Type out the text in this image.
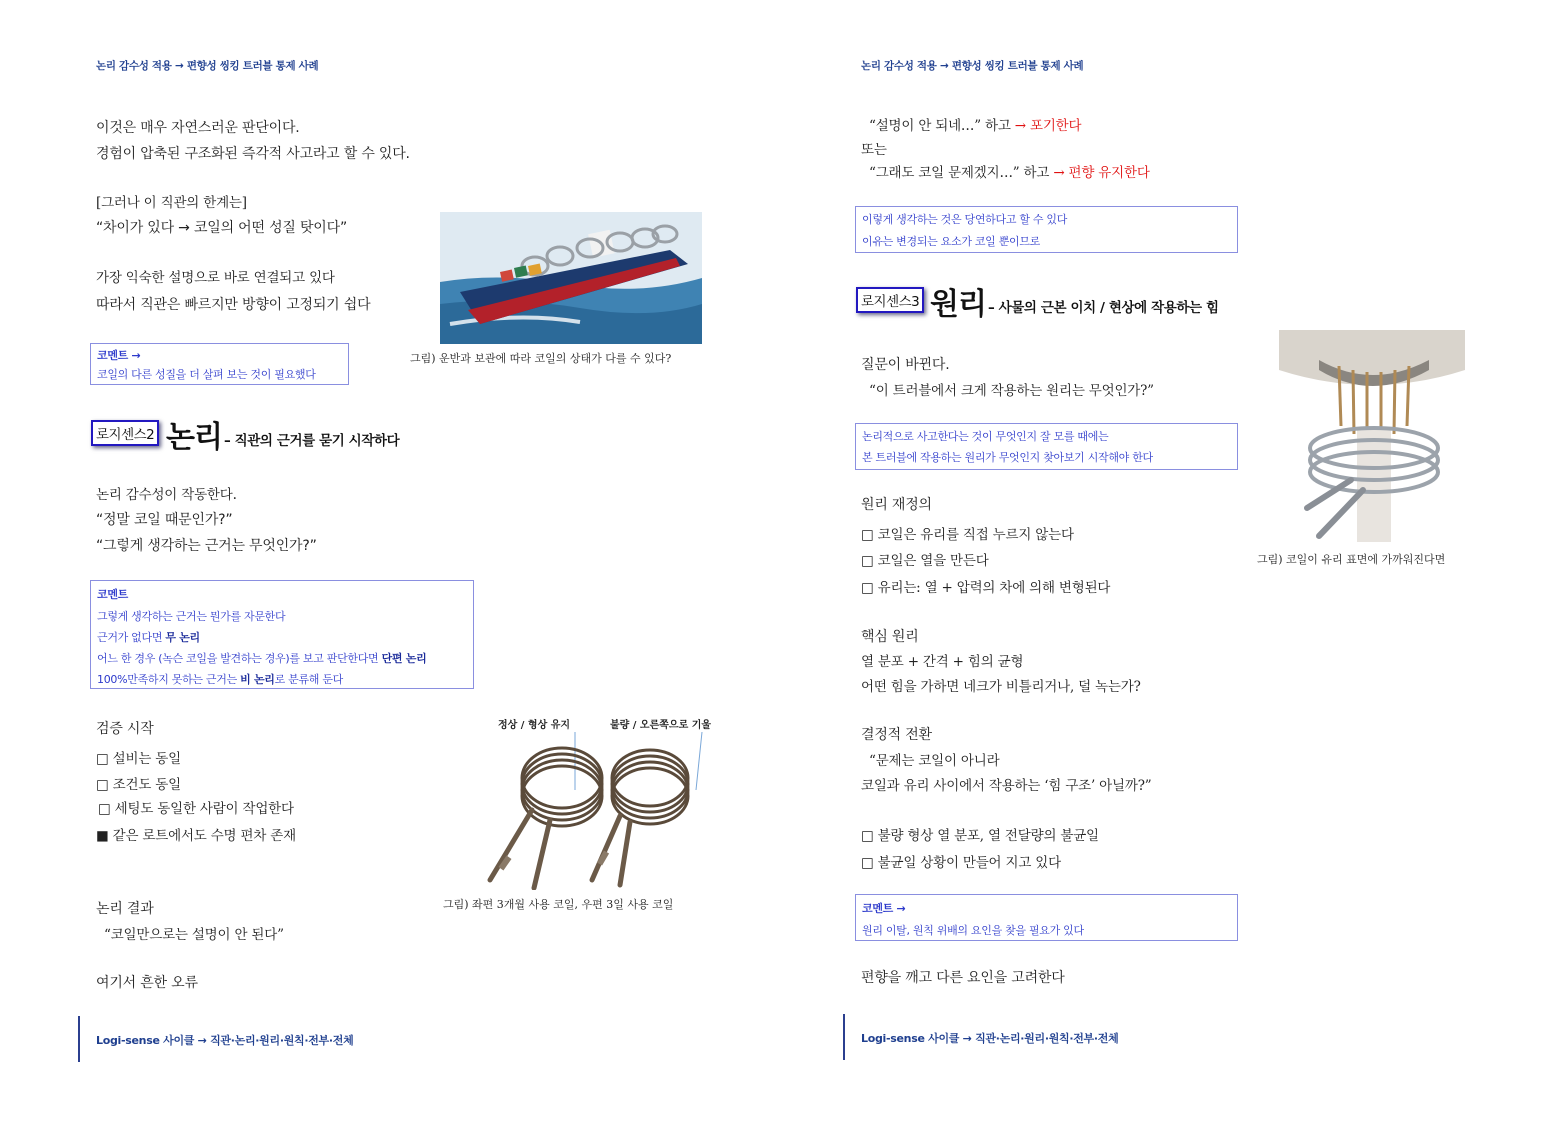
논리 감수성 적용 → 편향성 씽킹 트러블 통제 사례
이것은 매우 자연스러운 판단이다.
경험이 압축된 구조화된 즉각적 사고라고 할 수 있다.
[그러나 이 직관의 한계는]
“차이가 있다 → 코일의 어떤 성질 탓이다”
가장 익숙한 설명으로 바로 연결되고 있다
따라서 직관은 빠르지만 방향이 고정되기 쉽다
그림) 운반과 보관에 따라 코일의 상태가 다를 수 있다?
코멘트 →
코일의 다른 성질을 더 살펴 보는 것이 필요했다
로지센스2 논리 – 직관의 근거를 묻기 시작하다
논리 감수성이 작동한다.
“정말 코일 때문인가?”
“그렇게 생각하는 근거는 무엇인가?”
코멘트
그렇게 생각하는 근거는 뭔가를 자문한다
근거가 없다면 무 논리
어느 한 경우 (녹슨 코일을 발견하는 경우)를 보고 판단한다면 단편 논리
100%만족하지 못하는 근거는 비 논리로 분류해 둔다
검증 시작
□ 설비는 동일
□ 조건도 동일
□ 세팅도 동일한 사람이 작업한다
■ 같은 로트에서도 수명 편차 존재
정상 / 형상 유지	불량 / 오른쪽으로 기울
그림) 좌편 3개월 사용 코일, 우편 3일 사용 코일
논리 결과
“코일만으로는 설명이 안 된다”
여기서 흔한 오류
Logi-sense 사이클 → 직관·논리·원리·원칙·전부·전체
논리 감수성 적용 → 편향성 씽킹 트러블 통제 사례
“설명이 안 되네…” 하고 → 포기한다
또는
“그래도 코일 문제겠지…” 하고 → 편향 유지한다
이렇게 생각하는 것은 당연하다고 할 수 있다
이유는 변경되는 요소가 코일 뿐이므로
로지센스3 원리 – 사물의 근본 이치 / 현상에 작용하는 힘
질문이 바뀐다.
“이 트러블에서 크게 작용하는 원리는 무엇인가?”
논리적으로 사고한다는 것이 무엇인지 잘 모를 때에는
본 트러블에 작용하는 원리가 무엇인지 찾아보기 시작해야 한다
그림) 코일이 유리 표면에 가까워진다면
원리 재정의
□ 코일은 유리를 직접 누르지 않는다
□ 코일은 열을 만든다
□ 유리는: 열 + 압력의 차에 의해 변형된다
핵심 원리
열 분포 + 간격 + 힘의 균형
어떤 힘을 가하면 네크가 비틀리거나, 덜 녹는가?
결정적 전환
“문제는 코일이 아니라
코일과 유리 사이에서 작용하는 ‘힘 구조’ 아닐까?”
□ 불량 형상 열 분포, 열 전달량의 불균일
□ 불균일 상황이 만들어 지고 있다
코멘트 →
원리 이탈, 원칙 위배의 요인을 찾을 필요가 있다
편향을 깨고 다른 요인을 고려한다
Logi-sense 사이클 → 직관·논리·원리·원칙·전부·전체
